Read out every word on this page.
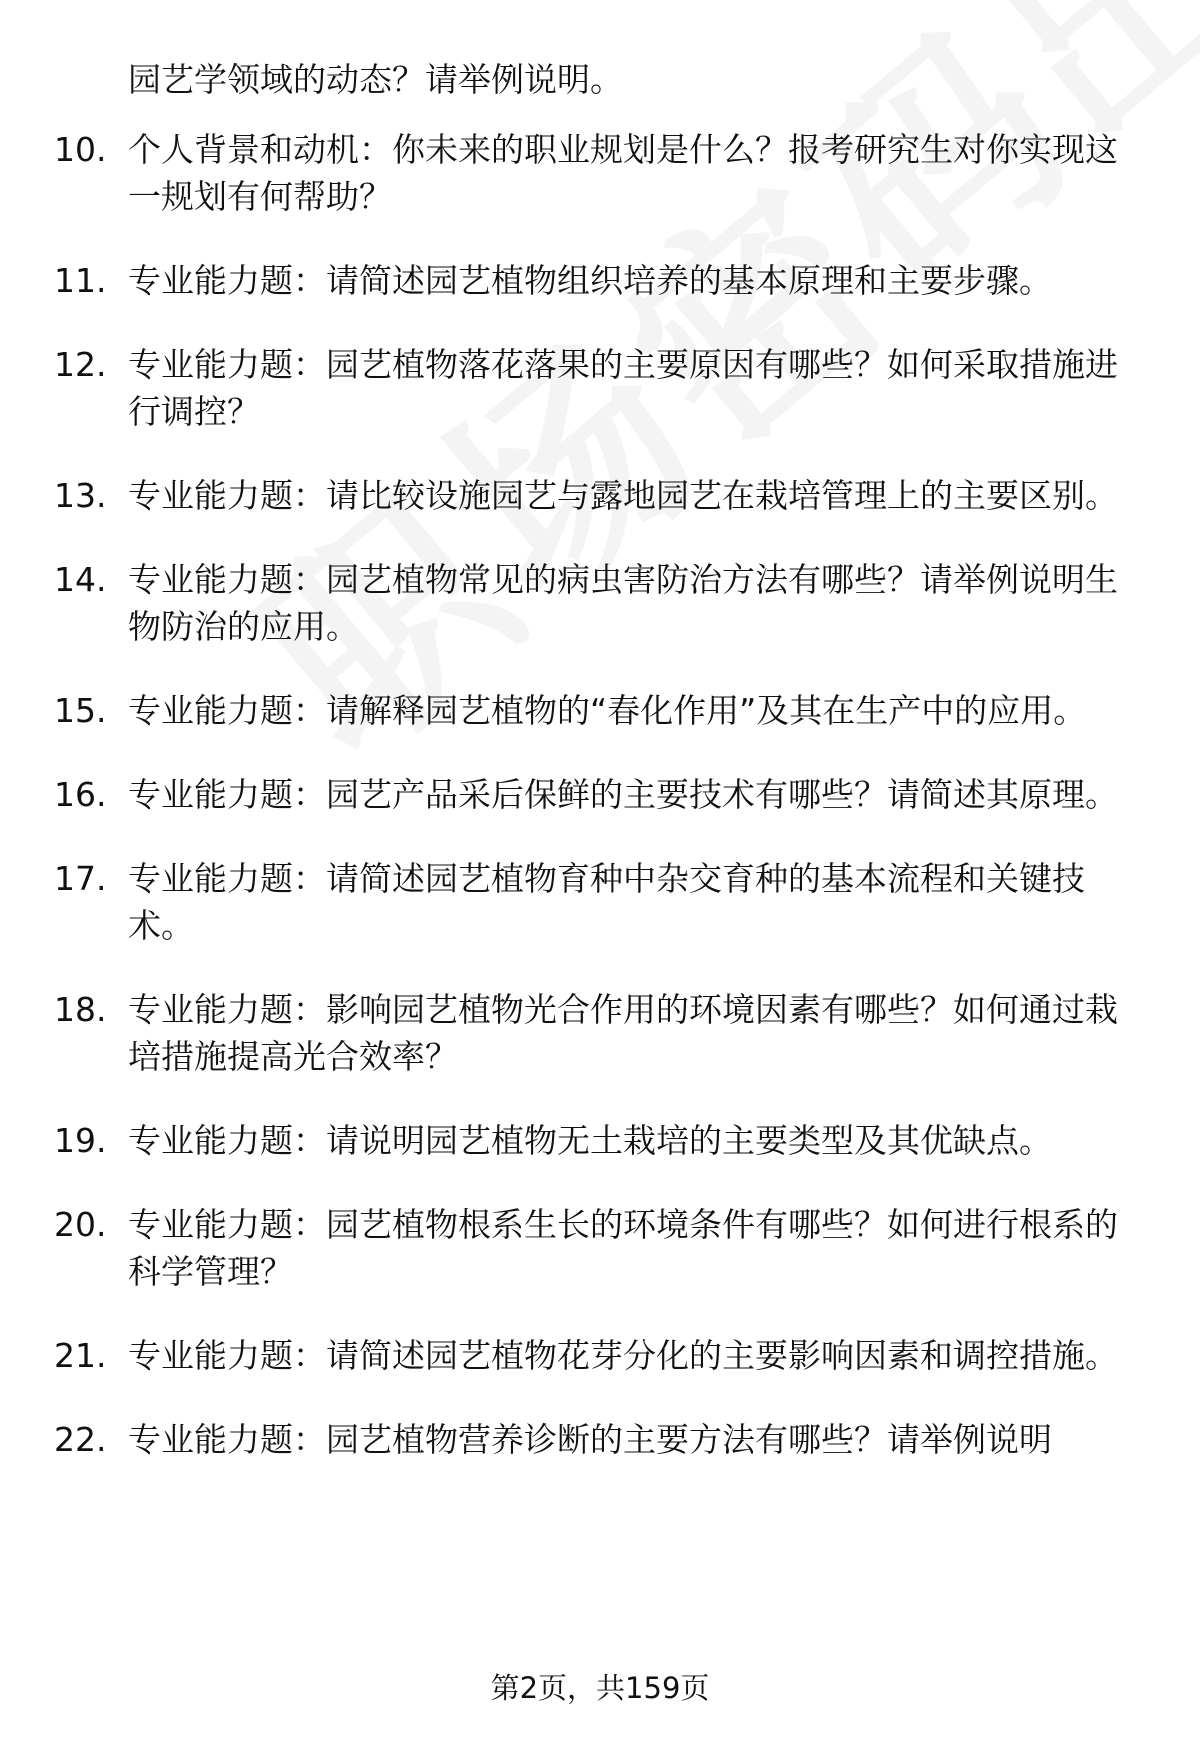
园艺学领域的动态？请举例说明。

10. 个人背景和动机：你未来的职业规划是什么？报考研究生对你实现这一规划有何帮助？
11. 专业能力题：请简述园艺植物组织培养的基本原理和主要步骤。
12. 专业能力题：园艺植物落花落果的主要原因有哪些？如何采取措施进行调控？
13. 专业能力题：请比较设施园艺与露地园艺在栽培管理上的主要区别。
14. 专业能力题：园艺植物常见的病虫害防治方法有哪些？请举例说明生物防治的应用。
15. 专业能力题：请解释园艺植物的“春化作用”及其在生产中的应用。
16. 专业能力题：园艺产品采后保鲜的主要技术有哪些？请简述其原理。
17. 专业能力题：请简述园艺植物育种中杂交育种的基本流程和关键技术。
18. 专业能力题：影响园艺植物光合作用的环境因素有哪些？如何通过栽培措施提高光合效率？
19. 专业能力题：请说明园艺植物无土栽培的主要类型及其优缺点。
20. 专业能力题：园艺植物根系生长的环境条件有哪些？如何进行根系的科学管理？
21. 专业能力题：请简述园艺植物花芽分化的主要影响因素和调控措施。
22. 专业能力题：园艺植物营养诊断的主要方法有哪些？请举例说明
第2页，共159页
